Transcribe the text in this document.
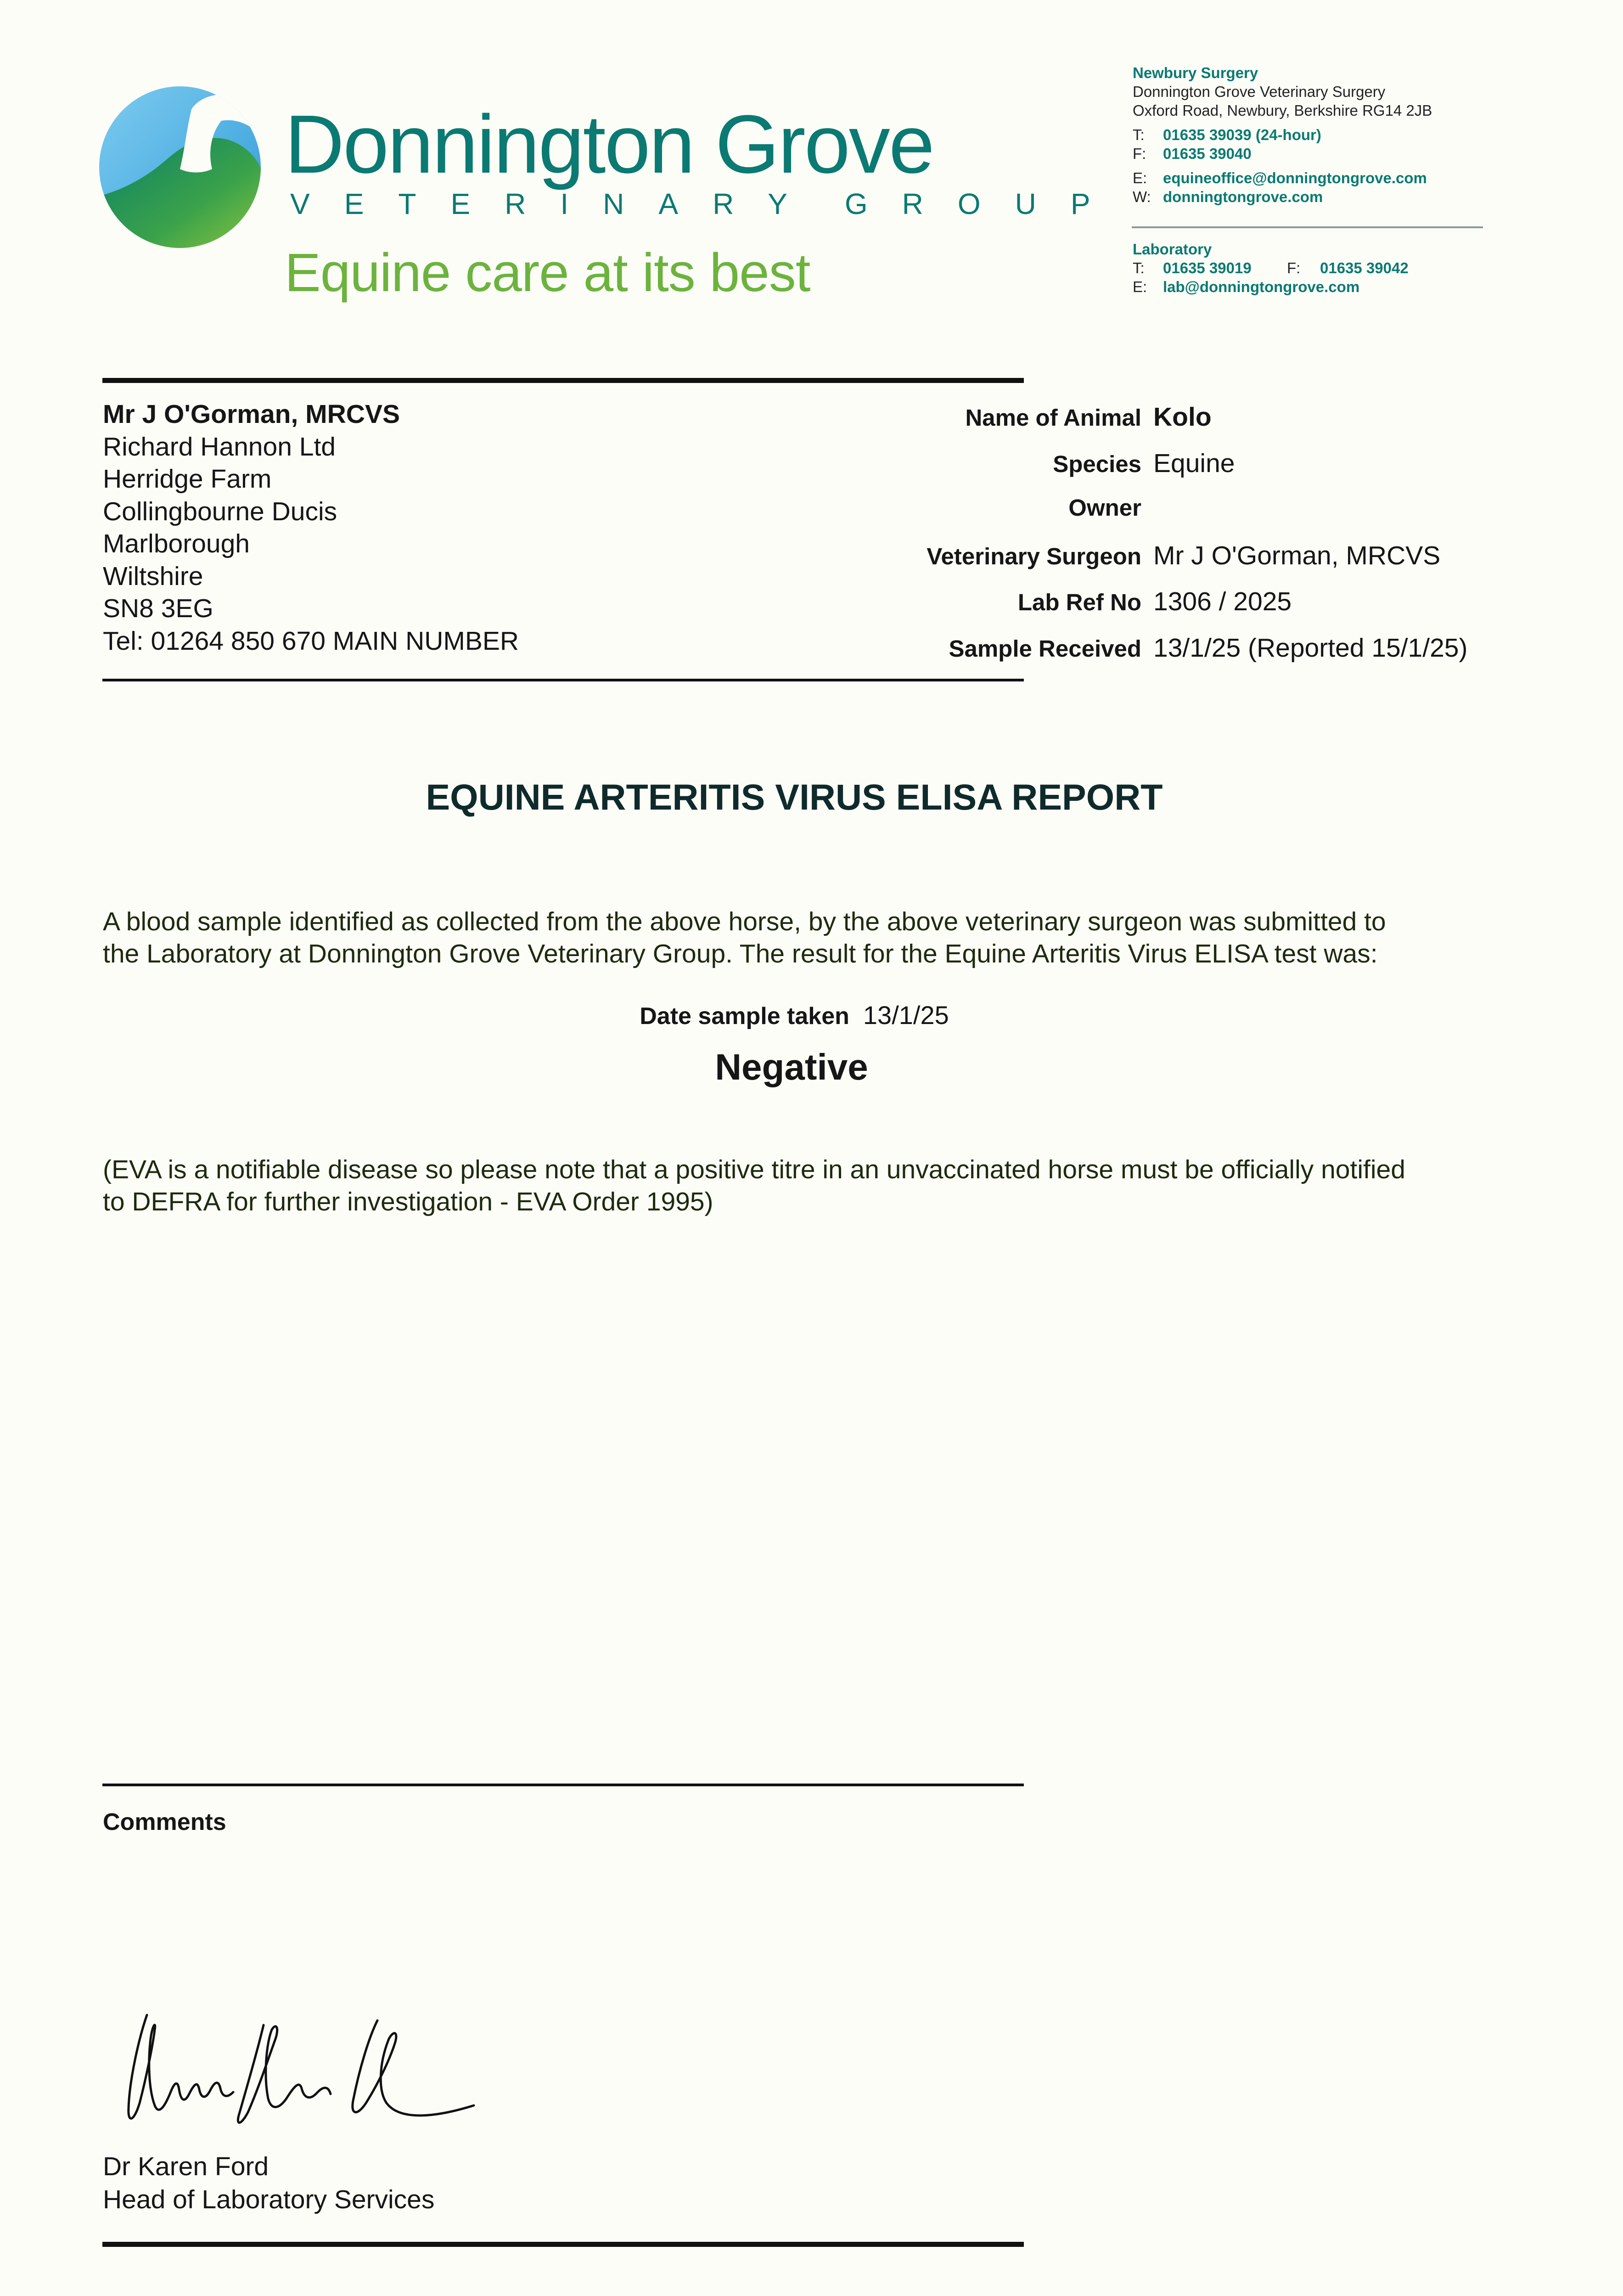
Donnington Grove
VETERINARY GROUP
Equine care at its best
Newbury Surgery
Donnington Grove Veterinary Surgery
Oxford Road, Newbury, Berkshire RG14 2JB
T: 01635 39039 (24-hour)
F: 01635 39040
E: equineoffice@donningtongrove.com
W: donningtongrove.com
Laboratory
T: 01635 39019 F: 01635 39042
E: lab@donningtongrove.com
Mr J O'Gorman, MRCVS
Richard Hannon Ltd
Herridge Farm
Collingbourne Ducis
Marlborough
Wiltshire
SN8 3EG
Tel: 01264 850 670 MAIN NUMBER
Name of Animal Kolo
Species Equine
Owner
Veterinary Surgeon Mr J O'Gorman, MRCVS
Lab Ref No 1306 / 2025
Sample Received 13/1/25 (Reported 15/1/25)
EQUINE ARTERITIS VIRUS ELISA REPORT
A blood sample identified as collected from the above horse, by the above veterinary surgeon was submitted to
the Laboratory at Donnington Grove Veterinary Group. The result for the Equine Arteritis Virus ELISA test was:
Date sample taken 13/1/25
Negative
(EVA is a notifiable disease so please note that a positive titre in an unvaccinated horse must be officially notified
to DEFRA for further investigation - EVA Order 1995)
Comments
Dr Karen Ford
Head of Laboratory Services
